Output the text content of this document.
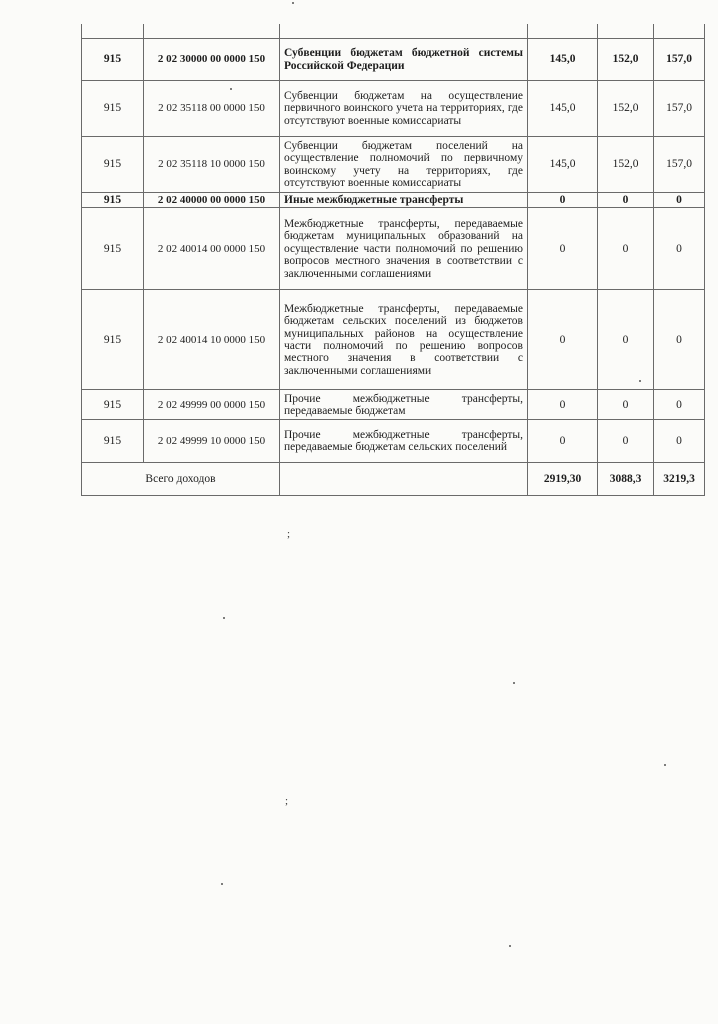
915	2 02 30000 00 0000 150	Субвенции бюджетам бюджетной системы Российской Федерации	145,0	152,0	157,0
915	2 02 35118 00 0000 150	Субвенции бюджетам на осуществление первичного воинского учета на территориях, где отсутствуют военные комиссариаты	145,0	152,0	157,0
915	2 02 35118 10 0000 150	Субвенции бюджетам поселений на осуществление полномочий по первичному воинскому учету на территориях, где отсутствуют военные комиссариаты	145,0	152,0	157,0
915	2 02 40000 00 0000 150	Иные межбюджетные трансферты	0	0	0
915	2 02 40014 00 0000 150	Межбюджетные трансферты, передаваемые бюджетам муниципальных образований на осуществление части полномочий по решению вопросов местного значения в соответствии с заключенными соглашениями	0	0	0
915	2 02 40014 10 0000 150	Межбюджетные трансферты, передаваемые бюджетам сельских поселений из бюджетов муниципальных районов на осуществление части полномочий по решению вопросов местного значения в соответствии с заключенными соглашениями	0	0	0
915	2 02 49999 00 0000 150	Прочие межбюджетные трансферты, передаваемые бюджетам	0	0	0
915	2 02 49999 10 0000 150	Прочие межбюджетные трансферты, передаваемые бюджетам сельских поселений	0	0	0
Всего доходов			2919,30	3088,3	3219,3
;
;
